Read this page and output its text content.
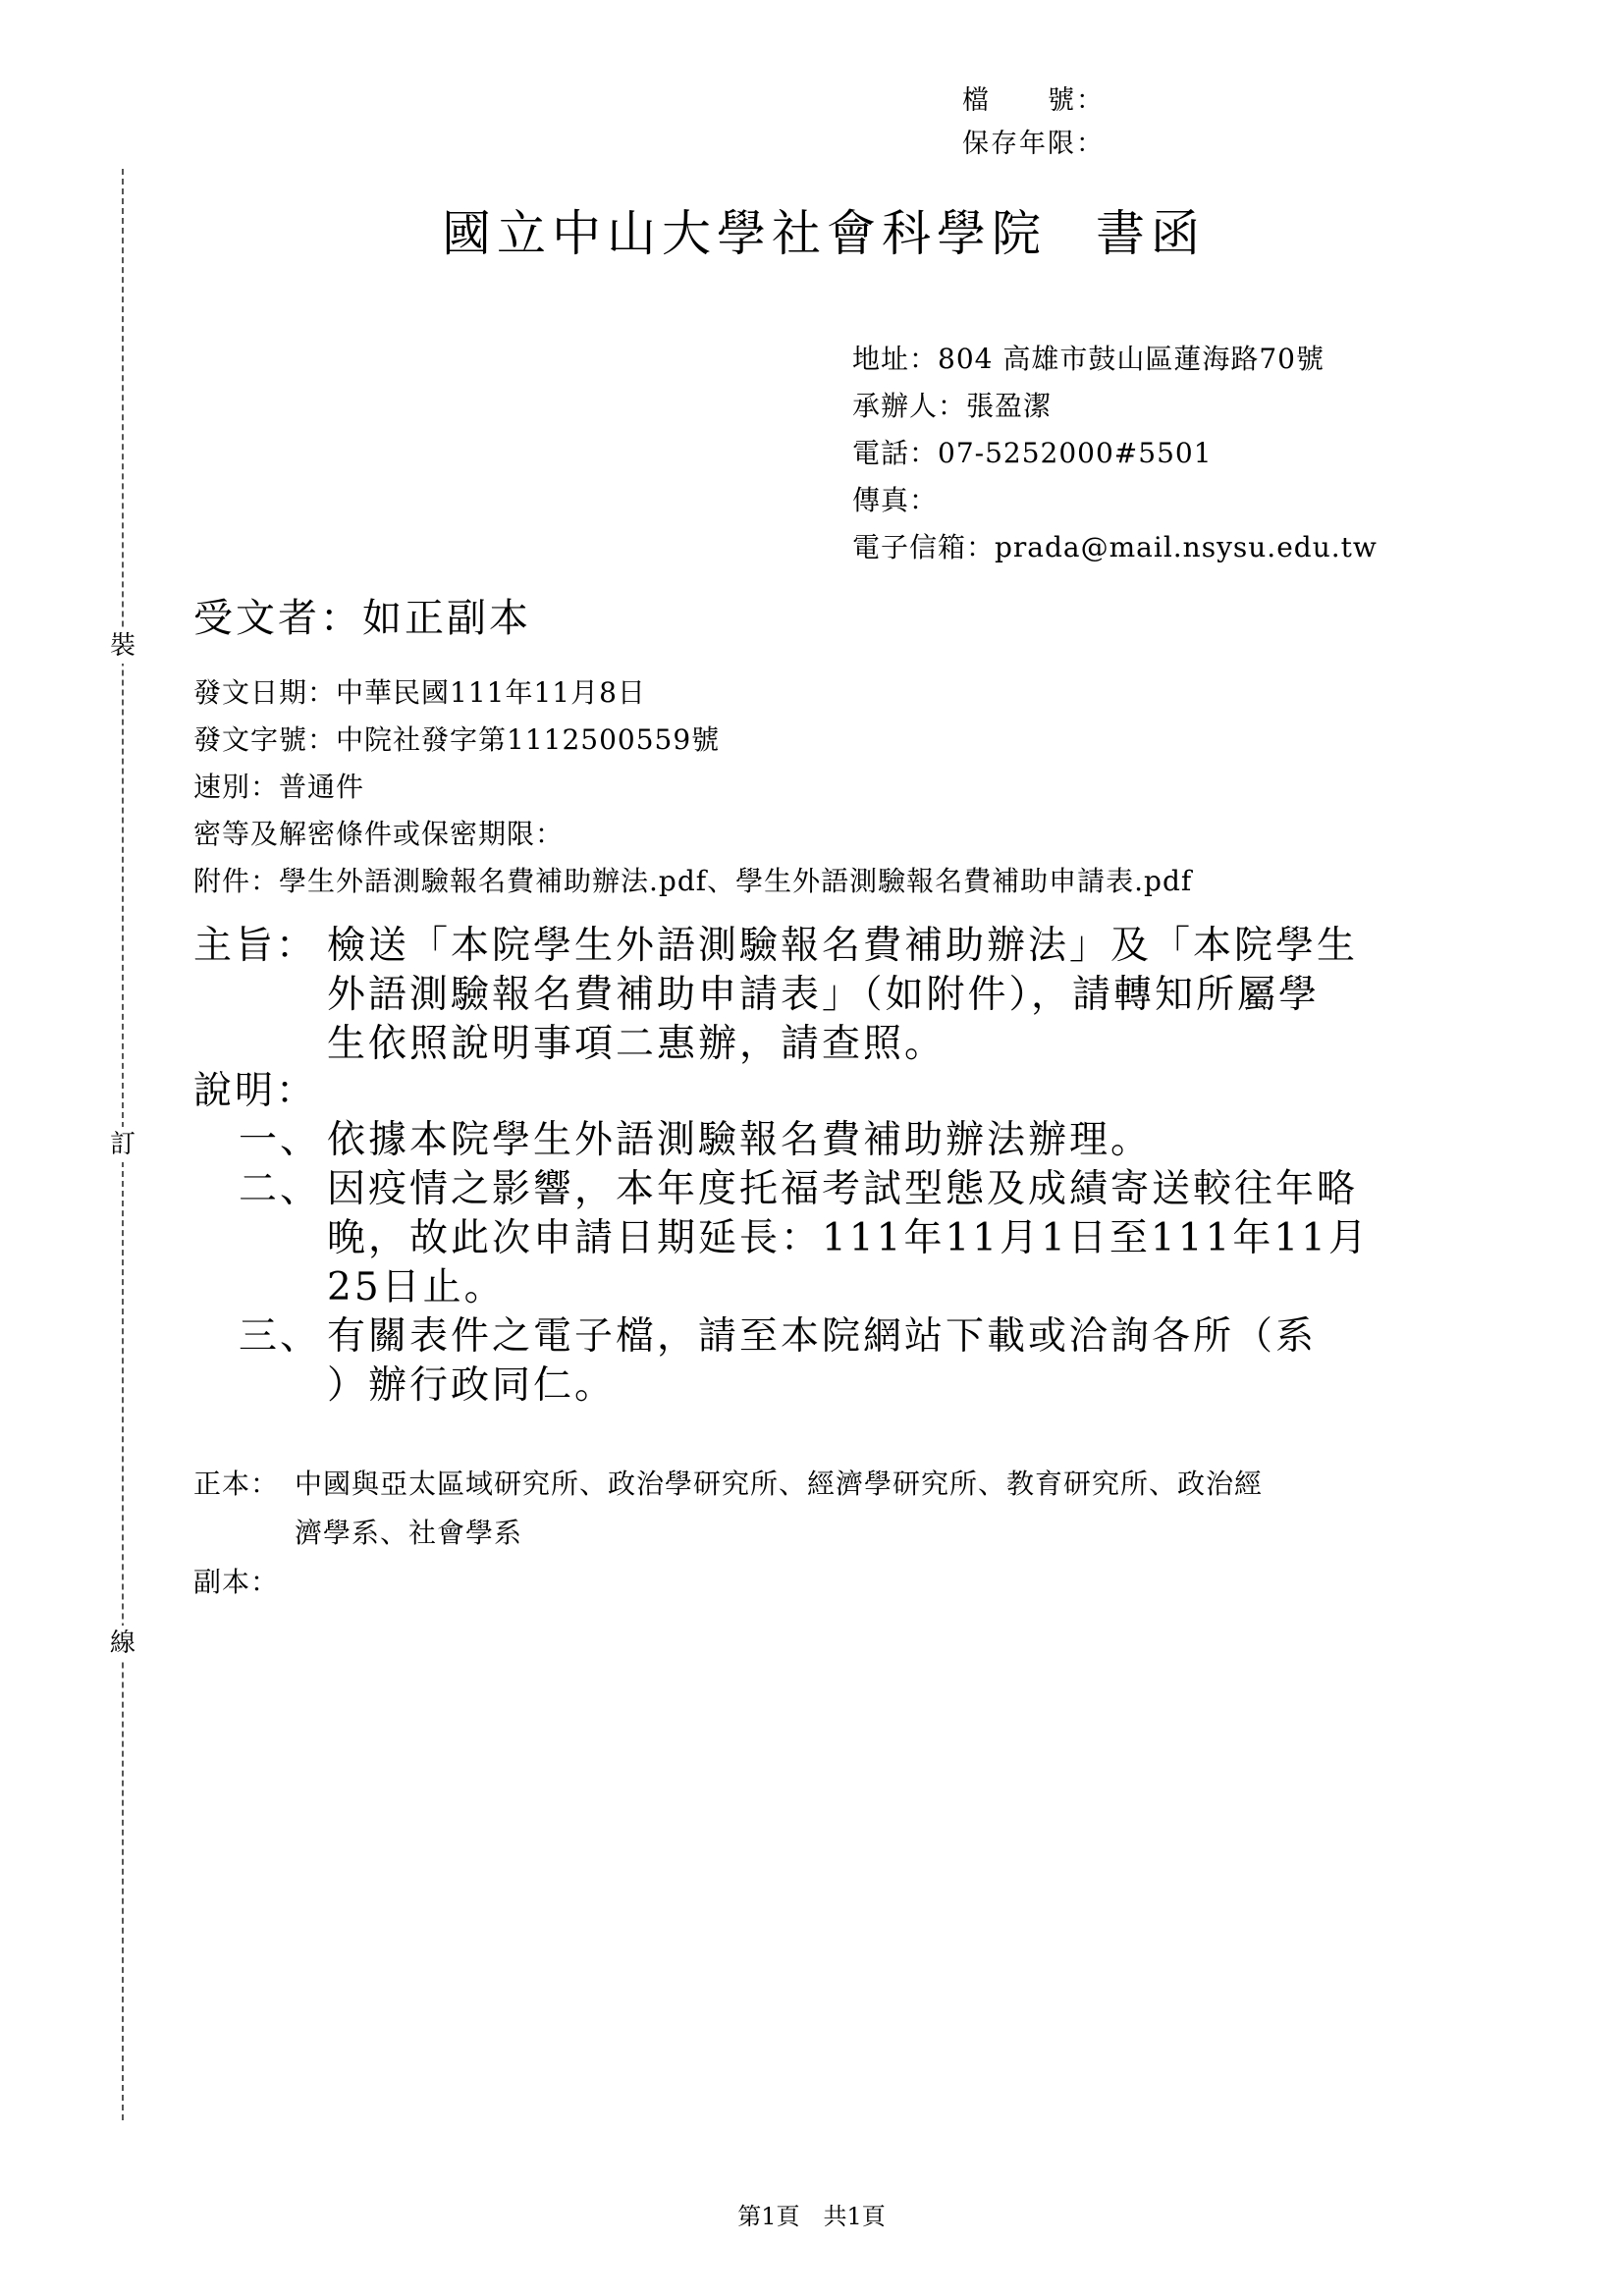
檔　　號：
保存年限：
裝
訂
線
國立中山大學社會科學院 書函
地址：804 高雄市鼓山區蓮海路70號
承辦人：張盈潔
電話：07-5252000#5501
傳真：
電子信箱：prada@mail.nsysu.edu.tw
受文者：如正副本
發文日期：中華民國111年11月8日
發文字號：中院社發字第1112500559號
速別：普通件
密等及解密條件或保密期限：
附件：學生外語測驗報名費補助辦法.pdf、學生外語測驗報名費補助申請表.pdf
主旨： 檢送「本院學生外語測驗報名費補助辦法」及「本院學生
外語測驗報名費補助申請表」（如附件），請轉知所屬學
生依照說明事項二惠辦，請查照。
說明：
一、 依據本院學生外語測驗報名費補助辦法辦理。
二、 因疫情之影響，本年度托福考試型態及成績寄送較往年略
晚，故此次申請日期延長：111年11月1日至111年11月
25日止。
三、 有關表件之電子檔，請至本院網站下載或洽詢各所（系
）辦行政同仁。
正本： 中國與亞太區域研究所、政治學研究所、經濟學研究所、教育研究所、政治經
濟學系、社會學系
副本：
第1頁　共1頁
